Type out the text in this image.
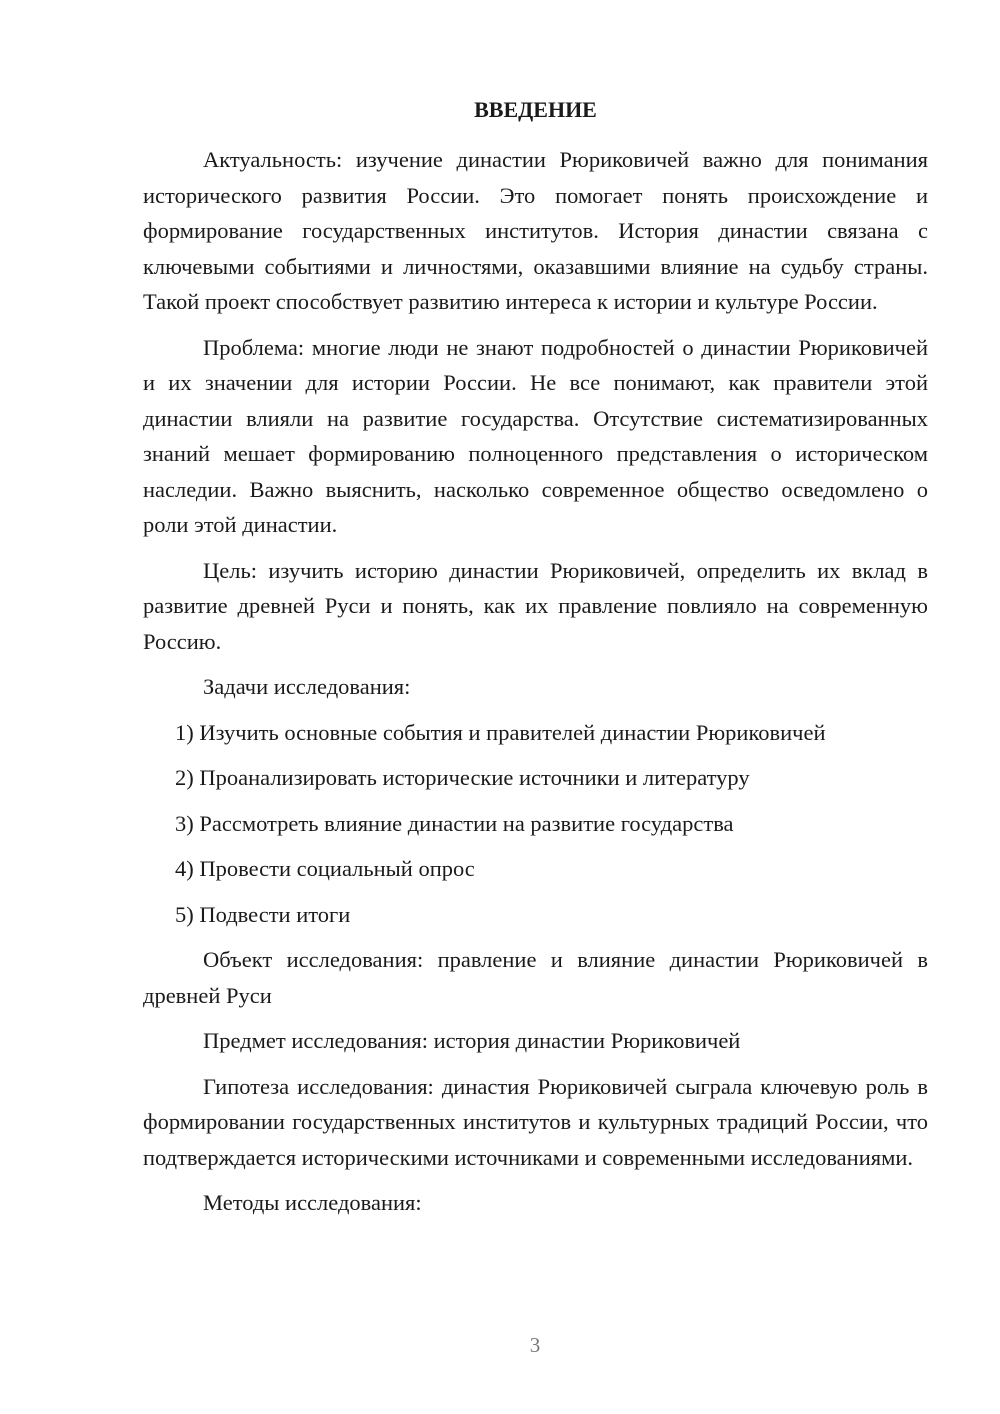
ВВЕДЕНИЕ

Актуальность: изучение династии Рюриковичей важно для понимания исторического развития России. Это помогает понять происхождение и формирование государственных институтов. История династии связана с ключевыми событиями и личностями, оказавшими влияние на судьбу страны. Такой проект способствует развитию интереса к истории и культуре России.

Проблема: многие люди не знают подробностей о династии Рюриковичей и их значении для истории России. Не все понимают, как правители этой династии влияли на развитие государства. Отсутствие систематизированных знаний мешает формированию полноценного представления о историческом наследии. Важно выяснить, насколько современное общество осведомлено о роли этой династии.

Цель: изучить историю династии Рюриковичей, определить их вклад в развитие древней Руси и понять, как их правление повлияло на современную Россию.

Задачи исследования:

1) Изучить основные события и правителей династии Рюриковичей

2) Проанализировать исторические источники и литературу

3) Рассмотреть влияние династии на развитие государства

4) Провести социальный опрос

5) Подвести итоги

Объект исследования: правление и влияние династии Рюриковичей в древней Руси

Предмет исследования: история династии Рюриковичей

Гипотеза исследования: династия Рюриковичей сыграла ключевую роль в формировании государственных институтов и культурных традиций России, что подтверждается историческими источниками и современными исследованиями.

Методы исследования:

3
